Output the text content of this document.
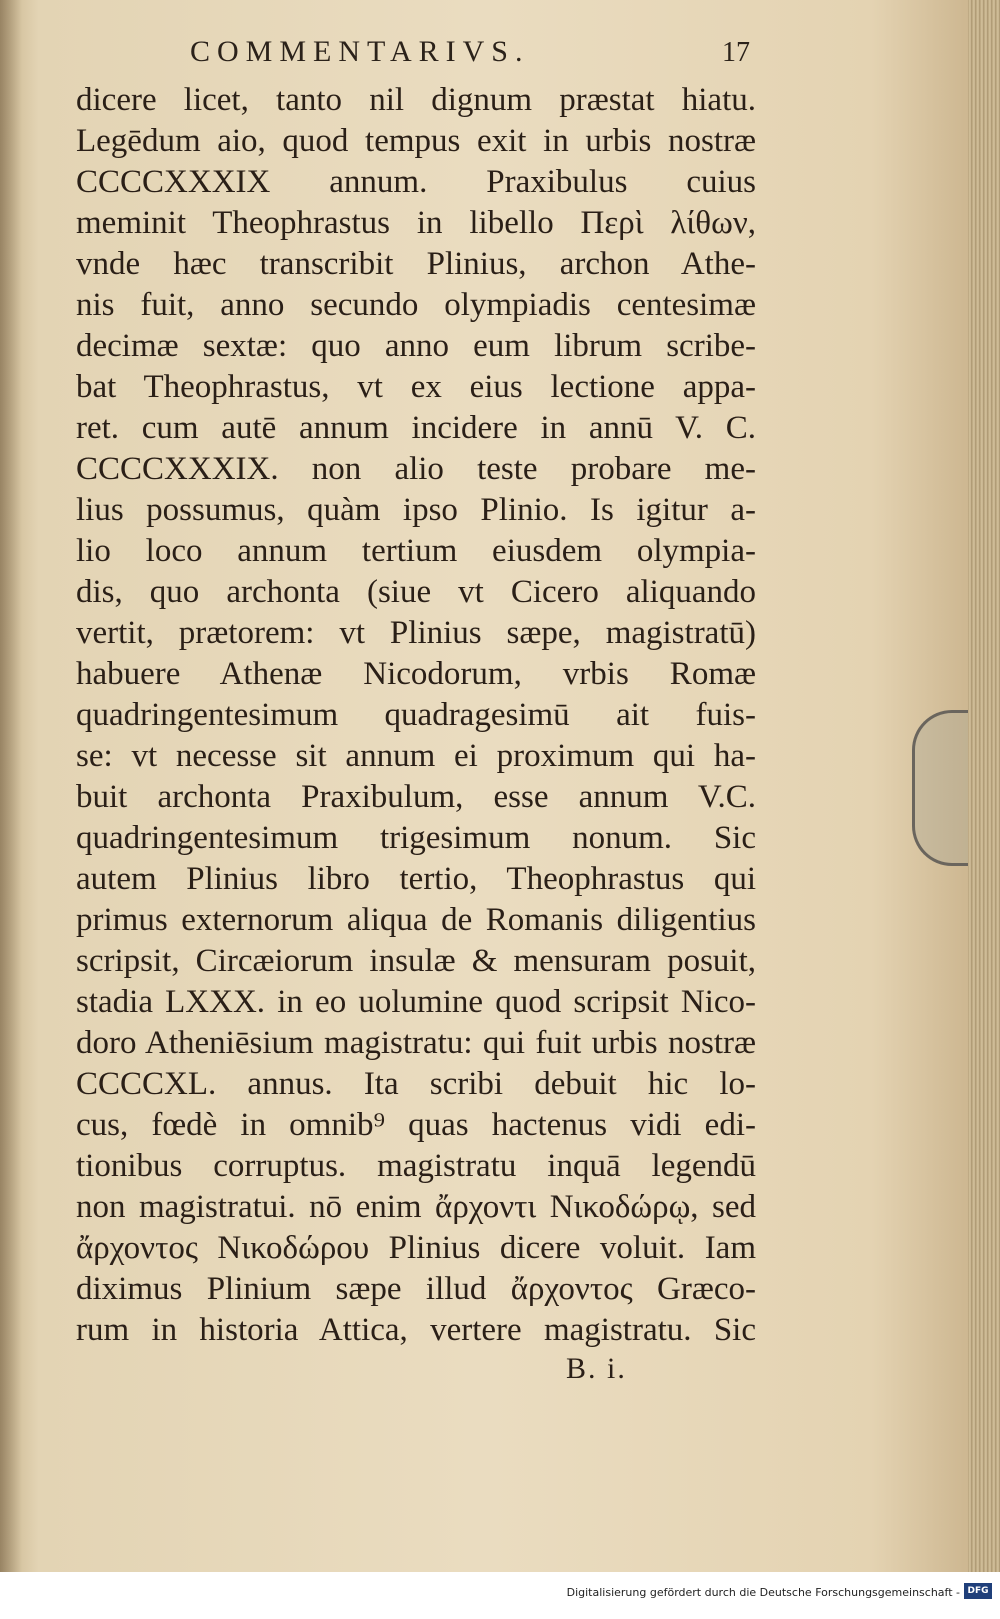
COMMENTARIVS.	17
dicere licet, tanto nil dignum præstat hiatu.
Legēdum aio, quod tempus exit in urbis nostræ
CCCCXXXIX annum. Praxibulus cuius
meminit Theophrastus in libello Περὶ λίθων,
vnde hæc transcribit Plinius, archon Athe-
nis fuit, anno secundo olympiadis centesimæ
decimæ sextæ: quo anno eum librum scribe-
bat Theophrastus, vt ex eius lectione appa-
ret. cum autē annum incidere in annū V. C.
CCCCXXXIX. non alio teste probare me-
lius possumus, quàm ipso Plinio. Is igitur a-
lio loco annum tertium eiusdem olympia-
dis, quo archonta (siue vt Cicero aliquando
vertit, prætorem: vt Plinius sæpe, magistratū)
habuere Athenæ Nicodorum, vrbis Romæ
quadringentesimum quadragesimū ait fuis-
se: vt necesse sit annum ei proximum qui ha-
buit archonta Praxibulum, esse annum V.C.
quadringentesimum trigesimum nonum. Sic
autem Plinius libro tertio, Theophrastus qui
primus externorum aliqua de Romanis diligentius
scripsit, Circæiorum insulæ & mensuram posuit,
stadia LXXX. in eo uolumine quod scripsit Nico-
doro Atheniēsium magistratu: qui fuit urbis nostræ
CCCCXL. annus. Ita scribi debuit hic lo-
cus, fœdè in omnib⁹ quas hactenus vidi edi-
tionibus corruptus. magistratu inquā legendū
non magistratui. nō enim ἄρχοντι Νικοδώρῳ, sed
ἄρχοντος Νικοδώρου Plinius dicere voluit. Iam
diximus Plinium sæpe illud ἄρχοντος Græco-
rum in historia Attica, vertere magistratu. Sic
B. i.
Digitalisierung gefördert durch die Deutsche Forschungsgemeinschaft - DFG
